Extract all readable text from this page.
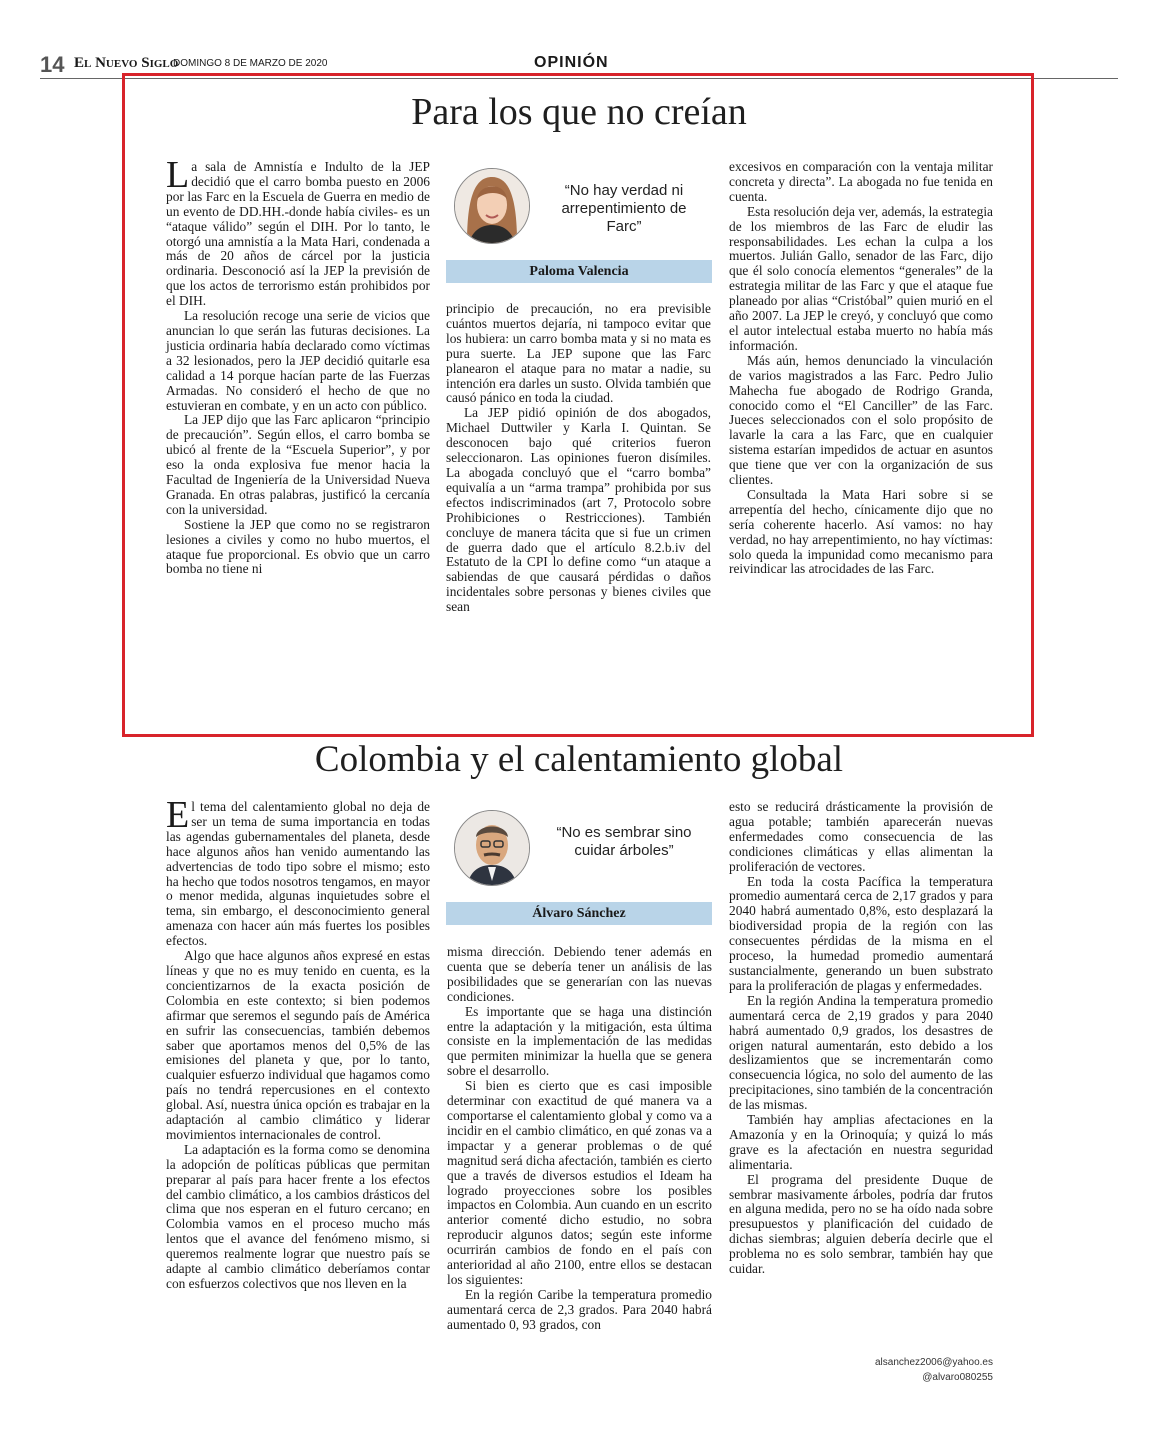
14 El Nuevo Siglo
DOMINGO 8 DE MARZO DE 2020	OPINIÓN
Para los que no creían

La sala de Amnistía e Indulto de la JEP decidió que el carro bomba puesto en 2006 por las Farc en la Escuela de Guerra en medio de un evento de DD.HH.-donde había civiles- es un “ataque válido” según el DIH. Por lo tanto, le otorgó una amnistía a la Mata Hari, condenada a más de 20 años de cárcel por la justicia ordinaria. Desconoció así la JEP la previsión de que los actos de terrorismo están prohibidos por el DIH.

La resolución recoge una serie de vicios que anuncian lo que serán las futuras decisiones. La justicia ordinaria había declarado como víctimas a 32 lesionados, pero la JEP decidió quitarle esa calidad a 14 porque hacían parte de las Fuerzas Armadas. No consideró el hecho de que no estuvieran en combate, y en un acto con público.

La JEP dijo que las Farc aplicaron “principio de precaución”. Según ellos, el carro bomba se ubicó al frente de la “Escuela Superior”, y por eso la onda explosiva fue menor hacia la Facultad de Ingeniería de la Universidad Nueva Granada. En otras palabras, justificó la cercanía con la universidad.

Sostiene la JEP que como no se registraron lesiones a civiles y como no hubo muertos, el ataque fue proporcional. Es obvio que un carro bomba no tiene ni

“No hay verdad ni arrepentimiento de Farc”
Paloma Valencia

principio de precaución, no era previsible cuántos muertos dejaría, ni tampoco evitar que los hubiera: un carro bomba mata y si no mata es pura suerte. La JEP supone que las Farc planearon el ataque para no matar a nadie, su intención era darles un susto. Olvida también que causó pánico en toda la ciudad.

La JEP pidió opinión de dos abogados, Michael Duttwiler y Karla I. Quintan. Se desconocen bajo qué criterios fueron seleccionaron. Las opiniones fueron disímiles. La abogada concluyó que el “carro bomba” equivalía a un “arma trampa” prohibida por sus efectos indiscriminados (art 7, Protocolo sobre Prohibiciones o Restricciones). También concluye de manera tácita que si fue un crimen de guerra dado que el artículo 8.2.b.iv del Estatuto de la CPI lo define como “un ataque a sabiendas de que causará pérdidas o daños incidentales sobre personas y bienes civiles que sean

excesivos en comparación con la ventaja militar concreta y directa”. La abogada no fue tenida en cuenta.

Esta resolución deja ver, además, la estrategia de los miembros de las Farc de eludir las responsabilidades. Les echan la culpa a los muertos. Julián Gallo, senador de las Farc, dijo que él solo conocía elementos “generales” de la estrategia militar de las Farc y que el ataque fue planeado por alias “Cristóbal” quien murió en el año 2007. La JEP le creyó, y concluyó que como el autor intelectual estaba muerto no había más información.

Más aún, hemos denunciado la vinculación de varios magistrados a las Farc. Pedro Julio Mahecha fue abogado de Rodrigo Granda, conocido como el “El Canciller” de las Farc. Jueces seleccionados con el solo propósito de lavarle la cara a las Farc, que en cualquier sistema estarían impedidos de actuar en asuntos que tiene que ver con la organización de sus clientes.

Consultada la Mata Hari sobre si se arrepentía del hecho, cínicamente dijo que no sería coherente hacerlo. Así vamos: no hay verdad, no hay arrepentimiento, no hay víctimas: solo queda la impunidad como mecanismo para reivindicar las atrocidades de las Farc.

Colombia y el calentamiento global

El tema del calentamiento global no deja de ser un tema de suma importancia en todas las agendas gubernamentales del planeta, desde hace algunos años han venido aumentando las advertencias de todo tipo sobre el mismo; esto ha hecho que todos nosotros tengamos, en mayor o menor medida, algunas inquietudes sobre el tema, sin embargo, el desconocimiento general amenaza con hacer aún más fuertes los posibles efectos.

Algo que hace algunos años expresé en estas líneas y que no es muy tenido en cuenta, es la concientizarnos de la exacta posición de Colombia en este contexto; si bien podemos afirmar que seremos el segundo país de América en sufrir las consecuencias, también debemos saber que aportamos menos del 0,5% de las emisiones del planeta y que, por lo tanto, cualquier esfuerzo individual que hagamos como país no tendrá repercusiones en el contexto global. Así, nuestra única opción es trabajar en la adaptación al cambio climático y liderar movimientos internacionales de control.

La adaptación es la forma como se denomina la adopción de políticas públicas que permitan preparar al país para hacer frente a los efectos del cambio climático, a los cambios drásticos del clima que nos esperan en el futuro cercano; en Colombia vamos en el proceso mucho más lentos que el avance del fenómeno mismo, si queremos realmente lograr que nuestro país se adapte al cambio climático deberíamos contar con esfuerzos colectivos que nos lleven en la

“No es sembrar sino cuidar árboles”
Álvaro Sánchez

misma dirección. Debiendo tener además en cuenta que se debería tener un análisis de las posibilidades que se generarían con las nuevas condiciones.

Es importante que se haga una distinción entre la adaptación y la mitigación, esta última consiste en la implementación de las medidas que permiten minimizar la huella que se genera sobre el desarrollo.

Si bien es cierto que es casi imposible determinar con exactitud de qué manera va a comportarse el calentamiento global y como va a incidir en el cambio climático, en qué zonas va a impactar y a generar problemas o de qué magnitud será dicha afectación, también es cierto que a través de diversos estudios el Ideam ha logrado proyecciones sobre los posibles impactos en Colombia. Aun cuando en un escrito anterior comenté dicho estudio, no sobra reproducir algunos datos; según este informe ocurrirán cambios de fondo en el país con anterioridad al año 2100, entre ellos se destacan los siguientes:

En la región Caribe la temperatura promedio aumentará cerca de 2,3 grados. Para 2040 habrá aumentado 0, 93 grados, con

esto se reducirá drásticamente la provisión de agua potable; también aparecerán nuevas enfermedades como consecuencia de las condiciones climáticas y ellas alimentan la proliferación de vectores.

En toda la costa Pacífica la temperatura promedio aumentará cerca de 2,17 grados y para 2040 habrá aumentado 0,8%, esto desplazará la biodiversidad propia de la región con las consecuentes pérdidas de la misma en el proceso, la humedad promedio aumentará sustancialmente, generando un buen substrato para la proliferación de plagas y enfermedades.

En la región Andina la temperatura promedio aumentará cerca de 2,19 grados y para 2040 habrá aumentado 0,9 grados, los desastres de origen natural aumentarán, esto debido a los deslizamientos que se incrementarán como consecuencia lógica, no solo del aumento de las precipitaciones, sino también de la concentración de las mismas.

También hay amplias afectaciones en la Amazonía y en la Orinoquía; y quizá lo más grave es la afectación en nuestra seguridad alimentaria.

El programa del presidente Duque de sembrar masivamente árboles, podría dar frutos en alguna medida, pero no se ha oído nada sobre presupuestos y planificación del cuidado de dichas siembras; alguien debería decirle que el problema no es solo sembrar, también hay que cuidar.

alsanchez2006@yahoo.es
@alvaro080255
